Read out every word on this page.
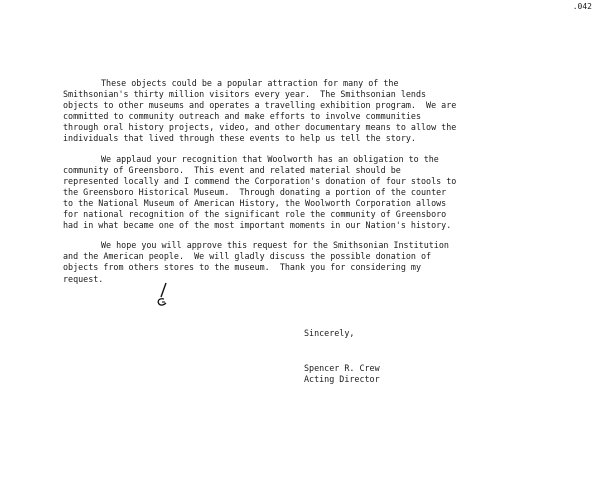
.042
These objects could be a popular attraction for many of the
Smithsonian's thirty million visitors every year.  The Smithsonian lends
objects to other museums and operates a travelling exhibition program.  We are
committed to community outreach and make efforts to involve communities
through oral history projects, video, and other documentary means to allow the
individuals that lived through these events to help us tell the story.
We applaud your recognition that Woolworth has an obligation to the
community of Greensboro.  This event and related material should be
represented locally and I commend the Corporation's donation of four stools to
the Greensboro Historical Museum.  Through donating a portion of the counter
to the National Museum of American History, the Woolworth Corporation allows
for national recognition of the significant role the community of Greensboro
had in what became one of the most important moments in our Nation's history.
We hope you will approve this request for the Smithsonian Institution
and the American people.  We will gladly discuss the possible donation of
objects from others stores to the museum.  Thank you for considering my
request.
Sincerely,
Spencer R. Crew
Acting Director
